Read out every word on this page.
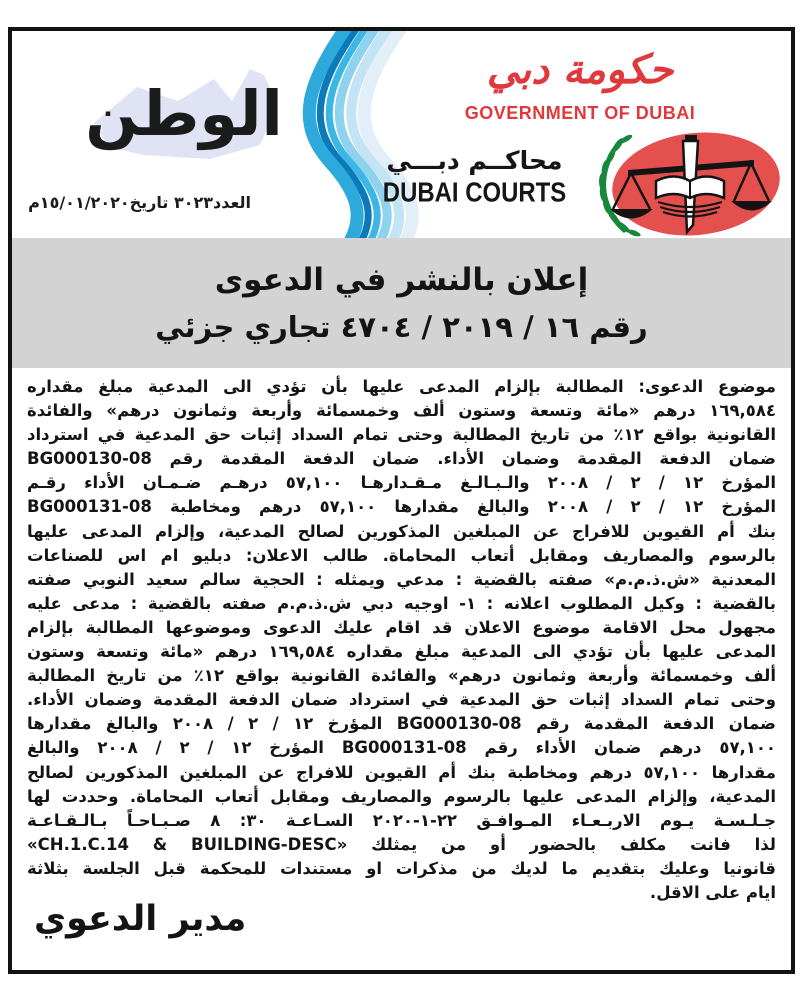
الوطن
العدد٣٠٢٣ تاريخ١٥/٠١/٢٠٢٠م
حكومة دبي
GOVERNMENT OF DUBAI
محاكــم دبـــي
DUBAI COURTS
إعلان بالنشر في الدعوى
رقم ١٦ / ٢٠١٩ / ٤٧٠٤ تجاري جزئي
موضوع الدعوى: المطالبة بإلزام المدعى عليها بأن تؤدي الى المدعية مبلغ مقداره
١٦٩,٥٨٤ درهم «مائة وتسعة وستون ألف وخمسمائة وأربعة وثمانون درهم» والفائدة
القانونية بواقع ١٢٪ من تاريخ المطالبة وحتى تمام السداد إثبات حق المدعية في استرداد
ضمان الدفعة المقدمة وضمان الأداء. ضمان الدفعة المقدمة رقم BG000130-08
المؤرخ ١٢ / ٢ / ٢٠٠٨ والـبـالـغ مـقـدارهـا ٥٧,١٠٠ درهـم ضـمـان الأداء رقـم
BG000131-08 المؤرخ ١٢ / ٢ / ٢٠٠٨ والبالغ مقدارها ٥٧,١٠٠ درهم ومخاطبة
بنك أم القيوين للافراج عن المبلغين المذكورين لصالح المدعية، وإلزام المدعى عليها
بالرسوم والمصاريف ومقابل أتعاب المحاماة. طالب الاعلان: دبليو ام اس للصناعات
المعدنية «ش.ذ.م.م» صفته بالقضية : مدعي ويمثله : الحجية سالم سعيد النوبي صفته
بالقضية : وكيل المطلوب اعلانه : ١- اوجيه دبي ش.ذ.م.م صفته بالقضية : مدعى عليه
مجهول محل الاقامة موضوع الاعلان قد اقام عليك الدعوى وموضوعها المطالبة بإلزام
المدعى عليها بأن تؤدي الى المدعية مبلغ مقداره ١٦٩,٥٨٤ درهم «مائة وتسعة وستون
ألف وخمسمائة وأربعة وثمانون درهم» والفائدة القانونية بواقع ١٢٪ من تاريخ المطالبة
وحتى تمام السداد إثبات حق المدعية في استرداد ضمان الدفعة المقدمة وضمان الأداء.
ضمان الدفعة المقدمة رقم BG000130-08 المؤرخ ١٢ / ٢ / ٢٠٠٨ والبالغ مقدارها
٥٧,١٠٠ درهم ضمان الأداء رقم BG000131-08 المؤرخ ١٢ / ٢ / ٢٠٠٨ والبالغ
مقدارها ٥٧,١٠٠ درهم ومخاطبة بنك أم القيوين للافراج عن المبلغين المذكورين لصالح
المدعية، وإلزام المدعى عليها بالرسوم والمصاريف ومقابل أتعاب المحاماة. وحددت لها
جـلـسـة يـوم الاربـعـاء المـوافـق ٢٢-١-٢٠٢٠ السـاعـة ٣٠: ٨ صـبـاحـاً بـالـقـاعـة
«CH.1.C.14 & BUILDING-DESC» لذا فانت مكلف بالحضور أو من يمثلك
قانونيا وعليك بتقديم ما لديك من مذكرات او مستندات للمحكمة قبل الجلسة بثلاثة
ايام على الاقل.
مدير الدعوي
